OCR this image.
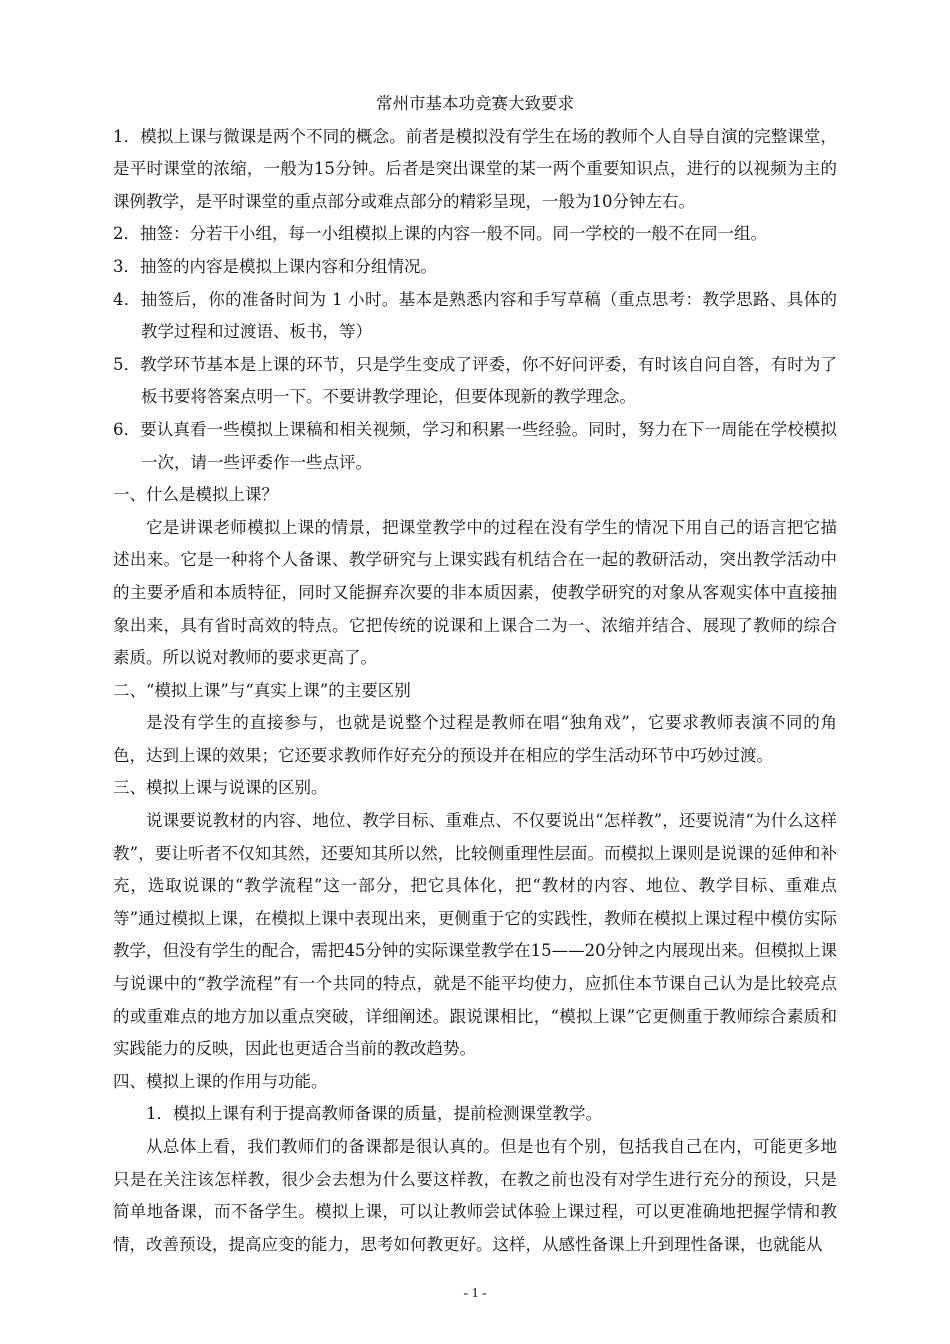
常州市基本功竞赛大致要求

1．模拟上课与微课是两个不同的概念。前者是模拟没有学生在场的教师个人自导自演的完整课堂，是平时课堂的浓缩，一般为15分钟。后者是突出课堂的某一两个重要知识点，进行的以视频为主的课例教学，是平时课堂的重点部分或难点部分的精彩呈现，一般为10分钟左右。

2．抽签：分若干小组，每一小组模拟上课的内容一般不同。同一学校的一般不在同一组。

3．抽签的内容是模拟上课内容和分组情况。

4．抽签后，你的准备时间为 1 小时。基本是熟悉内容和手写草稿（重点思考：教学思路、具体的教学过程和过渡语、板书，等）

5．教学环节基本是上课的环节，只是学生变成了评委，你不好问评委，有时该自问自答，有时为了板书要将答案点明一下。不要讲教学理论，但要体现新的教学理念。

6．要认真看一些模拟上课稿和相关视频，学习和积累一些经验。同时，努力在下一周能在学校模拟一次，请一些评委作一些点评。

一、什么是模拟上课？

它是讲课老师模拟上课的情景，把课堂教学中的过程在没有学生的情况下用自己的语言把它描述出来。它是一种将个人备课、教学研究与上课实践有机结合在一起的教研活动，突出教学活动中的主要矛盾和本质特征，同时又能摒弃次要的非本质因素，使教学研究的对象从客观实体中直接抽象出来，具有省时高效的特点。它把传统的说课和上课合二为一、浓缩并结合、展现了教师的综合素质。所以说对教师的要求更高了。

二、“模拟上课”与“真实上课”的主要区别

是没有学生的直接参与，也就是说整个过程是教师在唱“独角戏”，它要求教师表演不同的角色，达到上课的效果；它还要求教师作好充分的预设并在相应的学生活动环节中巧妙过渡。

三、模拟上课与说课的区别。

说课要说教材的内容、地位、教学目标、重难点、不仅要说出“怎样教”，还要说清“为什么这样教”，要让听者不仅知其然，还要知其所以然，比较侧重理性层面。而模拟上课则是说课的延伸和补充，选取说课的“教学流程”这一部分，把它具体化，把“教材的内容、地位、教学目标、重难点等”通过模拟上课，在模拟上课中表现出来，更侧重于它的实践性，教师在模拟上课过程中模仿实际教学，但没有学生的配合，需把45分钟的实际课堂教学在15——20分钟之内展现出来。但模拟上课与说课中的“教学流程”有一个共同的特点，就是不能平均使力，应抓住本节课自己认为是比较亮点的或重难点的地方加以重点突破，详细阐述。跟说课相比，“模拟上课”它更侧重于教师综合素质和实践能力的反映，因此也更适合当前的教改趋势。

四、模拟上课的作用与功能。

1．模拟上课有利于提高教师备课的质量，提前检测课堂教学。

从总体上看，我们教师们的备课都是很认真的。但是也有个别，包括我自己在内，可能更多地只是在关注该怎样教，很少会去想为什么要这样教，在教之前也没有对学生进行充分的预设，只是简单地备课，而不备学生。模拟上课，可以让教师尝试体验上课过程，可以更准确地把握学情和教情，改善预设，提高应变的能力，思考如何教更好。这样，从感性备课上升到理性备课，也就能从

- 1 -
